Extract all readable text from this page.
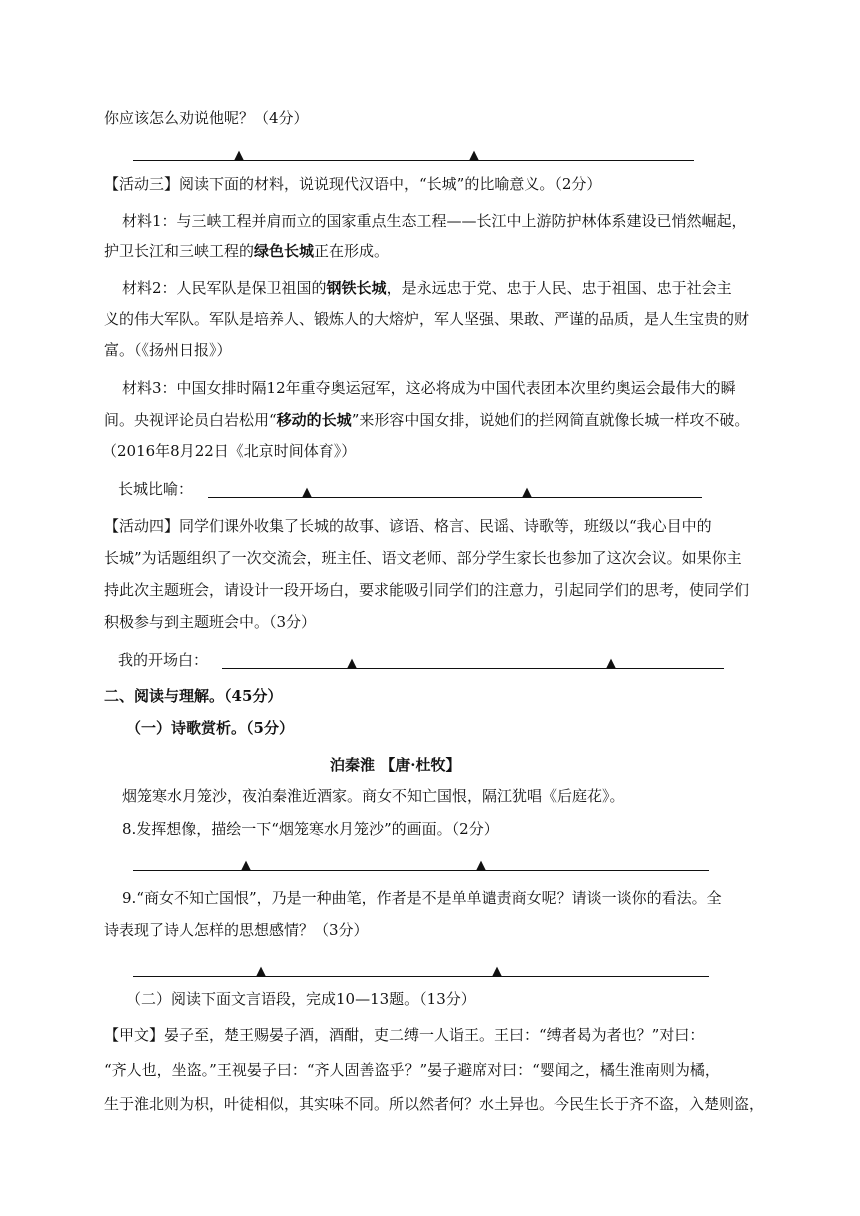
你应该怎么劝说他呢？（4分）
▲	▲
【活动三】阅读下面的材料，说说现代汉语中，“长城”的比喻意义。（2分）
材料1：与三峡工程并肩而立的国家重点生态工程——长江中上游防护林体系建设已悄然崛起，
护卫长江和三峡工程的绿色长城正在形成。
材料2：人民军队是保卫祖国的钢铁长城，是永远忠于党、忠于人民、忠于祖国、忠于社会主
义的伟大军队。军队是培养人、锻炼人的大熔炉，军人坚强、果敢、严谨的品质，是人生宝贵的财
富。（《扬州日报》）
材料3：中国女排时隔12年重夺奥运冠军，这必将成为中国代表团本次里约奥运会最伟大的瞬
间。央视评论员白岩松用“移动的长城”来形容中国女排，说她们的拦网简直就像长城一样攻不破。
（2016年8月22日《北京时间体育》）
长城比喻：	▲	▲
【活动四】同学们课外收集了长城的故事、谚语、格言、民谣、诗歌等，班级以“我心目中的
长城”为话题组织了一次交流会，班主任、语文老师、部分学生家长也参加了这次会议。如果你主
持此次主题班会，请设计一段开场白，要求能吸引同学们的注意力，引起同学们的思考，使同学们
积极参与到主题班会中。（3分）
我的开场白：	▲	▲
二、阅读与理解。（45分）
（一）诗歌赏析。（5分）
泊秦淮 【唐·杜牧】
烟笼寒水月笼沙，夜泊秦淮近酒家。商女不知亡国恨，隔江犹唱《后庭花》。
8.发挥想像，描绘一下“烟笼寒水月笼沙”的画面。（2分）
▲	▲
9.“商女不知亡国恨”，乃是一种曲笔，作者是不是单单谴责商女呢？请谈一谈你的看法。全
诗表现了诗人怎样的思想感情？（3分）
▲	▲
（二）阅读下面文言语段，完成10—13题。（13分）
【甲文】晏子至，楚王赐晏子酒，酒酣，吏二缚一人诣王。王曰：“缚者曷为者也？”对曰：
“齐人也，坐盗。”王视晏子曰：“齐人固善盗乎？”晏子避席对曰：“婴闻之，橘生淮南则为橘，
生于淮北则为枳，叶徒相似，其实味不同。所以然者何？水土异也。今民生长于齐不盗，入楚则盗，
